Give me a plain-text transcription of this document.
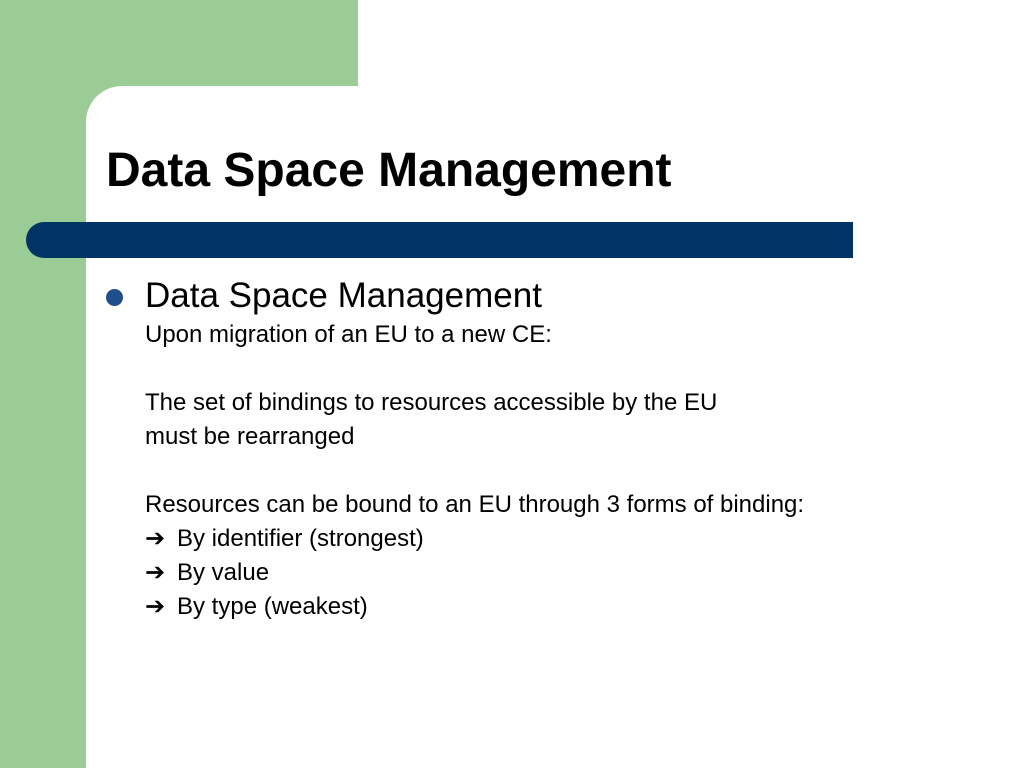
Data Space Management
Data Space Management
Upon migration of an EU to a new CE:
The set of bindings to resources accessible by the EU
must be rearranged
Resources can be bound to an EU through 3 forms of binding:
➔ By identifier (strongest)
➔ By value
➔ By type (weakest)
